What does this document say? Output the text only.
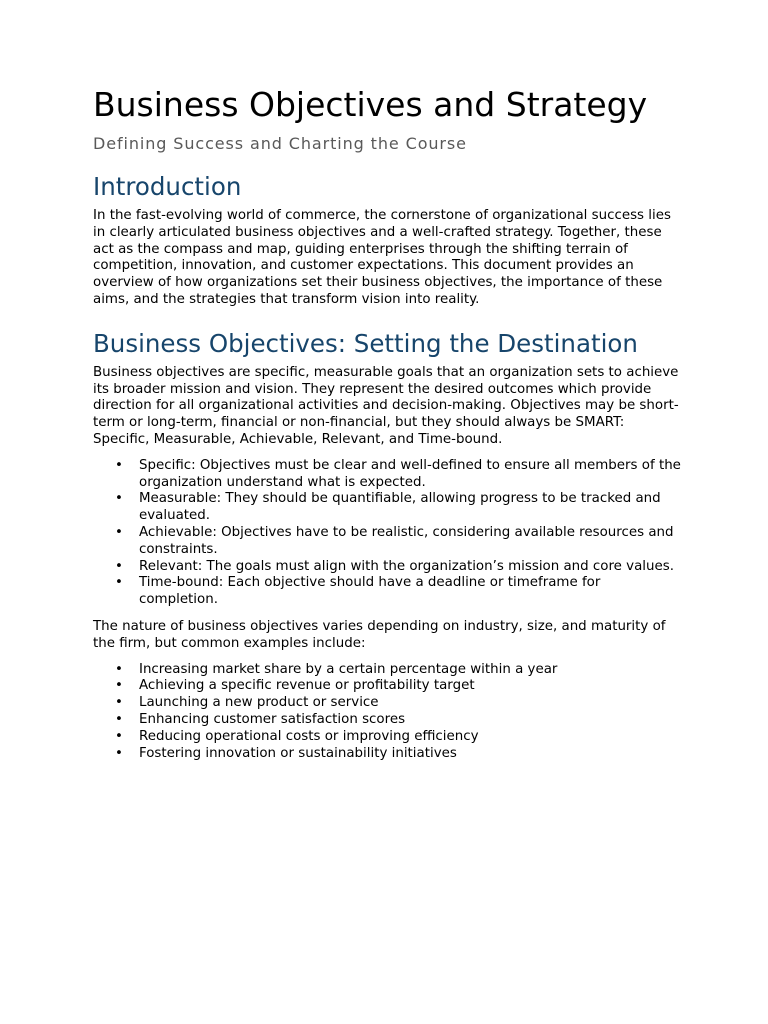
Business Objectives and Strategy
Defining Success and Charting the Course
Introduction

In the fast-evolving world of commerce, the cornerstone of organizational success lies in clearly articulated business objectives and a well-crafted strategy. Together, these act as the compass and map, guiding enterprises through the shifting terrain of competition, innovation, and customer expectations. This document provides an overview of how organizations set their business objectives, the importance of these aims, and the strategies that transform vision into reality.

Business Objectives: Setting the Destination

Business objectives are specific, measurable goals that an organization sets to achieve its broader mission and vision. They represent the desired outcomes which provide direction for all organizational activities and decision-making. Objectives may be short-term or long-term, financial or non-financial, but they should always be SMART: Specific, Measurable, Achievable, Relevant, and Time-bound.

• Specific: Objectives must be clear and well-defined to ensure all members of the organization understand what is expected.
• Measurable: They should be quantifiable, allowing progress to be tracked and evaluated.
• Achievable: Objectives have to be realistic, considering available resources and constraints.
• Relevant: The goals must align with the organization’s mission and core values.
• Time-bound: Each objective should have a deadline or timeframe for completion.

The nature of business objectives varies depending on industry, size, and maturity of the firm, but common examples include:

• Increasing market share by a certain percentage within a year
• Achieving a specific revenue or profitability target
• Launching a new product or service
• Enhancing customer satisfaction scores
• Reducing operational costs or improving efficiency
• Fostering innovation or sustainability initiatives
